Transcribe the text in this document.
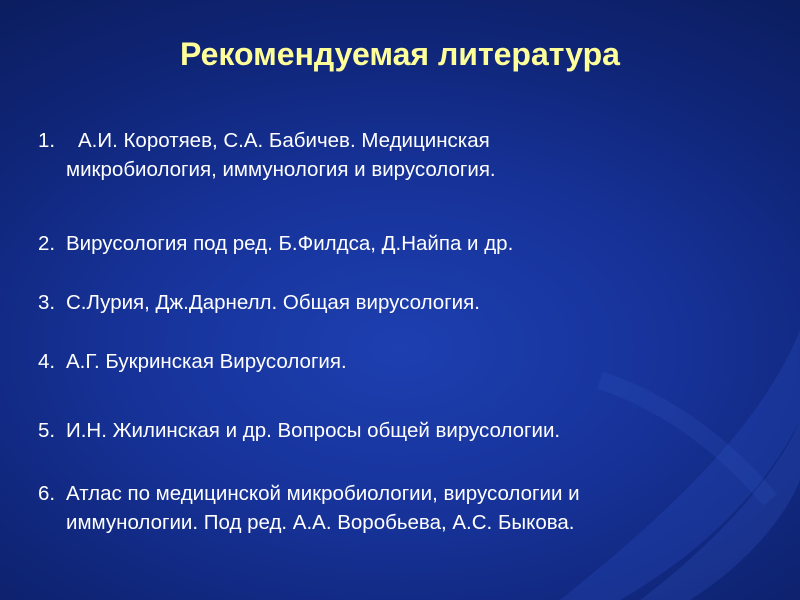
Рекомендуемая литература
1. А.И. Коротяев, С.А. Бабичев. Медицинская
микробиология, иммунология и вирусология.
2. Вирусология под ред. Б.Филдса, Д.Найпа и др.
3. С.Лурия, Дж.Дарнелл. Общая вирусология.
4. А.Г. Букринская Вирусология.
5. И.Н. Жилинская и др. Вопросы общей вирусологии.
6. Атлас по медицинской микробиологии, вирусологии и
иммунологии. Под ред. А.А. Воробьева, А.С. Быкова.
